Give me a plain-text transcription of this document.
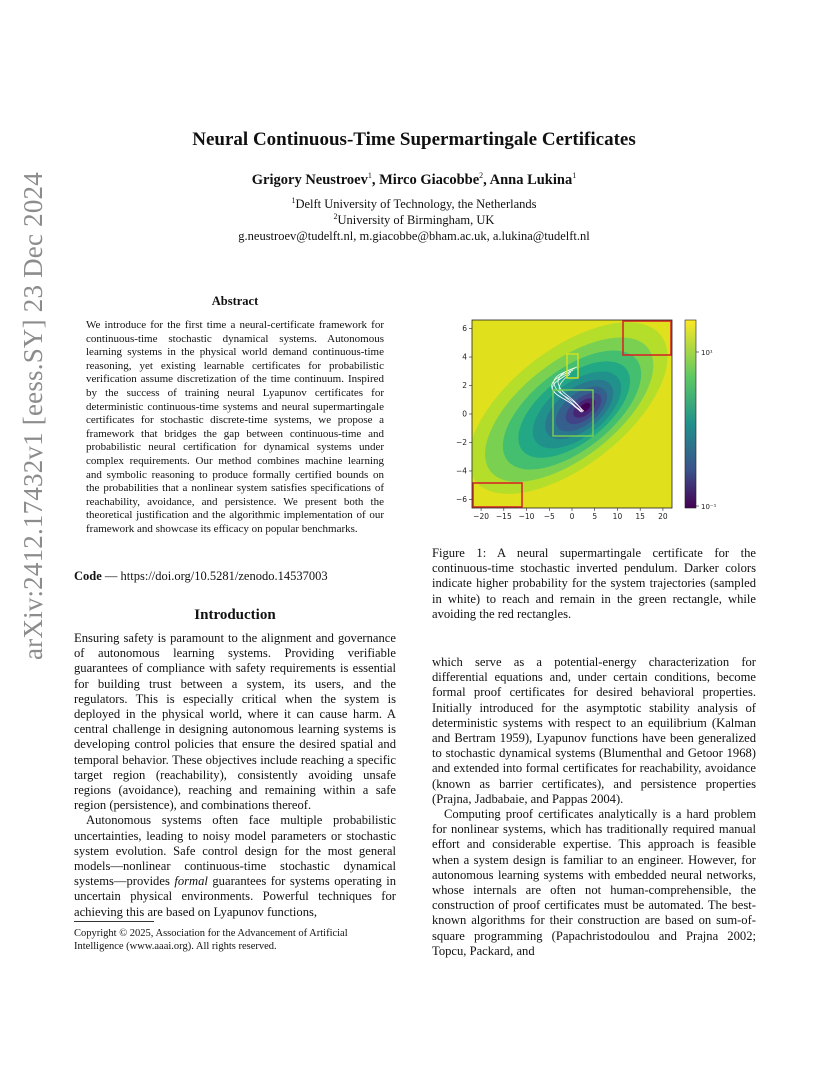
arXiv:2412.17432v1 [eess.SY] 23 Dec 2024
Neural Continuous-Time Supermartingale Certificates
Grigory Neustroev$^1$, Mirco Giacobbe$^2$, Anna Lukina$^1$
$^1$Delft University of Technology, the Netherlands
$^2$University of Birmingham, UK
g.neustroev@tudelft.nl, m.giacobbe@bham.ac.uk, a.lukina@tudelft.nl
Abstract
We introduce for the first time a neural-certificate framework for continuous-time stochastic dynamical systems. Autonomous learning systems in the physical world demand continuous-time reasoning, yet existing learnable certificates for probabilistic verification assume discretization of the time continuum. Inspired by the success of training neural Lyapunov certificates for deterministic continuous-time systems and neural supermartingale certificates for stochastic discrete-time systems, we propose a framework that bridges the gap between continuous-time and probabilistic neural certification for dynamical systems under complex requirements. Our method combines machine learning and symbolic reasoning to produce formally certified bounds on the probabilities that a nonlinear system satisfies specifications of reachability, avoidance, and persistence. We present both the theoretical justification and the algorithmic implementation of our framework and showcase its efficacy on popular benchmarks.
Code — https://doi.org/10.5281/zenodo.14537003
Introduction

Ensuring safety is paramount to the alignment and governance of autonomous learning systems. Providing verifiable guarantees of compliance with safety requirements is essential for building trust between a system, its users, and the regulators. This is especially critical when the system is deployed in the physical world, where it can cause harm. A central challenge in designing autonomous learning systems is developing control policies that ensure the desired spatial and temporal behavior. These objectives include reaching a specific target region (reachability), consistently avoiding unsafe regions (avoidance), reaching and remaining within a safe region (persistence), and combinations thereof.

Autonomous systems often face multiple probabilistic uncertainties, leading to noisy model parameters or stochastic system evolution. Safe control design for the most general models—nonlinear continuous-time stochastic dynamical systems—provides formal guarantees for systems operating in uncertain physical environments. Powerful techniques for achieving this are based on Lyapunov functions,

Copyright © 2025, Association for the Advancement of Artificial Intelligence (www.aaai.org). All rights reserved.
6
4
2
0
−2
−4
−6
−20 −15 −10 −5 0 5 10 15 20
10¹
10⁻¹
Figure 1: A neural supermartingale certificate for the continuous-time stochastic inverted pendulum. Darker colors indicate higher probability for the system trajectories (sampled in white) to reach and remain in the green rectangle, while avoiding the red rectangles.

which serve as a potential-energy characterization for differential equations and, under certain conditions, become formal proof certificates for desired behavioral properties. Initially introduced for the asymptotic stability analysis of deterministic systems with respect to an equilibrium (Kalman and Bertram 1959), Lyapunov functions have been generalized to stochastic dynamical systems (Blumenthal and Getoor 1968) and extended into formal certificates for reachability, avoidance (known as barrier certificates), and persistence properties (Prajna, Jadbabaie, and Pappas 2004).

Computing proof certificates analytically is a hard problem for nonlinear systems, which has traditionally required manual effort and considerable expertise. This approach is feasible when a system design is familiar to an engineer. However, for autonomous learning systems with embedded neural networks, whose internals are often not human-comprehensible, the construction of proof certificates must be automated. The best-known algorithms for their construction are based on sum-of-square programming (Papachristodoulou and Prajna 2002; Topcu, Packard, and
